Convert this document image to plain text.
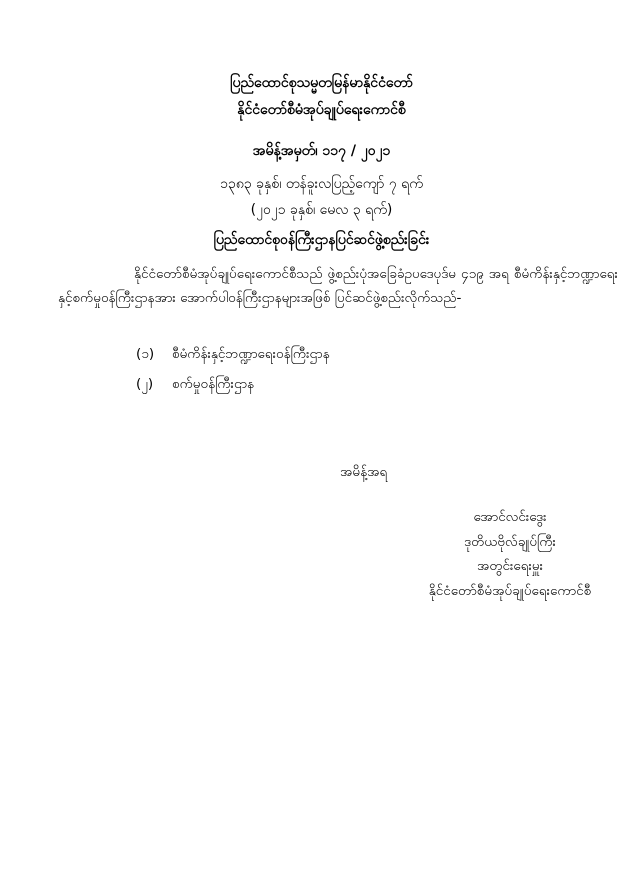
ပြည်ထောင်စုသမ္မတမြန်မာနိုင်ငံတော်
နိုင်ငံတော်စီမံအုပ်ချုပ်ရေးကောင်စီ
အမိန့်အမှတ်၊ ၁၁၇ / ၂၀၂၁
၁၃၈၃ ခုနှစ်၊ တန်ခူးလပြည့်ကျော် ၇ ရက်
(၂၀၂၁ ခုနှစ်၊ မေလ ၃ ရက်)
ပြည်ထောင်စုဝန်ကြီးဌာနပြင်ဆင်ဖွဲ့စည်းခြင်း
နိုင်ငံတော်စီမံအုပ်ချုပ်ရေးကောင်စီသည် ဖွဲ့စည်းပုံအခြေခံဥပဒေပုဒ်မ ၄၁၉ အရ စီမံကိန်းနှင့်ဘဏ္ဍာရေးနှင့်စက်မှုဝန်ကြီးဌာနအား အောက်ပါဝန်ကြီးဌာနများအဖြစ် ပြင်ဆင်ဖွဲ့စည်းလိုက်သည်-
(၁) စီမံကိန်းနှင့်ဘဏ္ဍာရေးဝန်ကြီးဌာန
(၂) စက်မှုဝန်ကြီးဌာန
အမိန့်အရ
အောင်လင်းဒွေး
ဒုတိယဗိုလ်ချုပ်ကြီး
အတွင်းရေးမှူး
နိုင်ငံတော်စီမံအုပ်ချုပ်ရေးကောင်စီ
